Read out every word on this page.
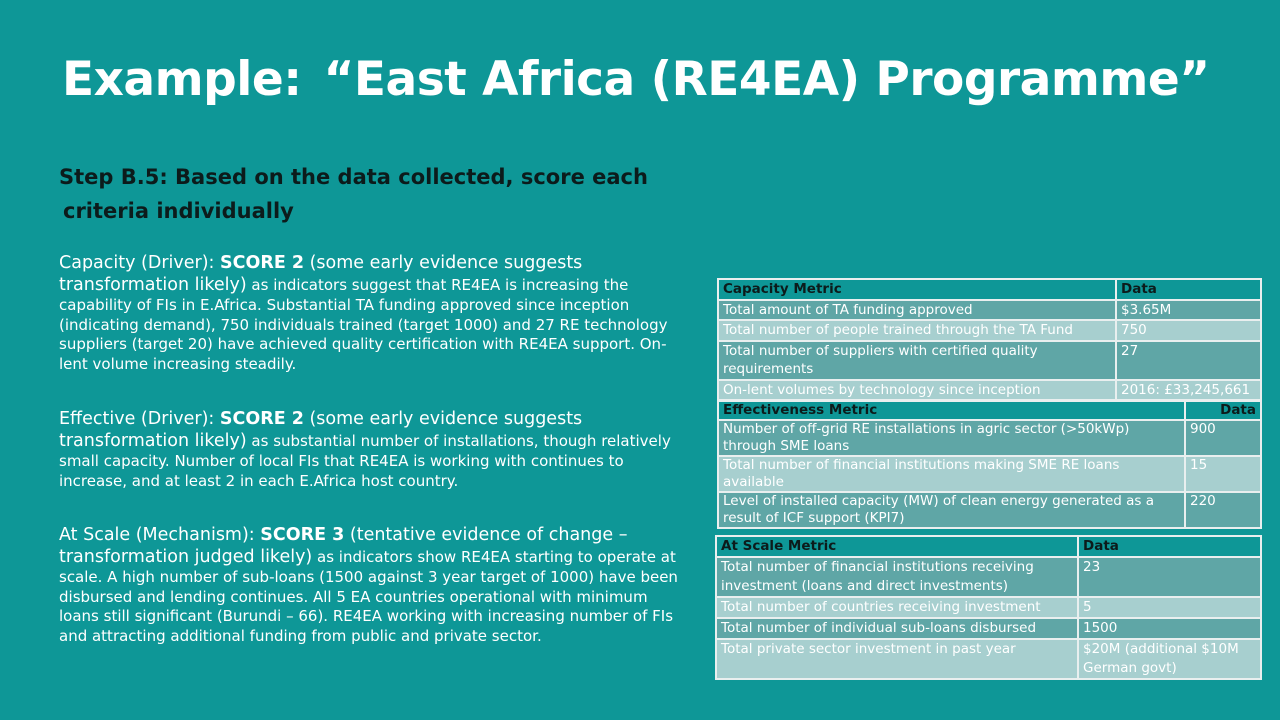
Example: “East Africa (RE4EA) Programme”
Step B.5: Based on the data collected, score each
criteria individually
Capacity (Driver): SCORE 2 (some early evidence suggests transformation likely) as indicators suggest that RE4EA is increasing the capability of FIs in E.Africa. Substantial TA funding approved since inception (indicating demand), 750 individuals trained (target 1000) and 27 RE technology suppliers (target 20) have achieved quality certification with RE4EA support. On-lent volume increasing steadily.
Effective (Driver): SCORE 2 (some early evidence suggests transformation likely) as substantial number of installations, though relatively small capacity. Number of local FIs that RE4EA is working with continues to increase, and at least 2 in each E.Africa host country.
At Scale (Mechanism): SCORE 3 (tentative evidence of change – transformation judged likely) as indicators show RE4EA starting to operate at scale. A high number of sub-loans (1500 against 3 year target of 1000) have been disbursed and lending continues. All 5 EA countries operational with minimum loans still significant (Burundi – 66). RE4EA working with increasing number of FIs and attracting additional funding from public and private sector.
Capacity Metric	Data
Total amount of TA funding approved	$3.65M
Total number of people trained through the TA Fund	750
Total number of suppliers with certified quality requirements	27
On-lent volumes by technology since inception	2016: £33,245,661
Effectiveness Metric	Data
Number of off-grid RE installations in agric sector (>50kWp) through SME loans	900
Total number of financial institutions making SME RE loans available	15
Level of installed capacity (MW) of clean energy generated as a result of ICF support (KPI7)	220
At Scale Metric	Data
Total number of financial institutions receiving investment (loans and direct investments)	23
Total number of countries receiving investment	5
Total number of individual sub-loans disbursed	1500
Total private sector investment in past year	$20M (additional $10M German govt)
